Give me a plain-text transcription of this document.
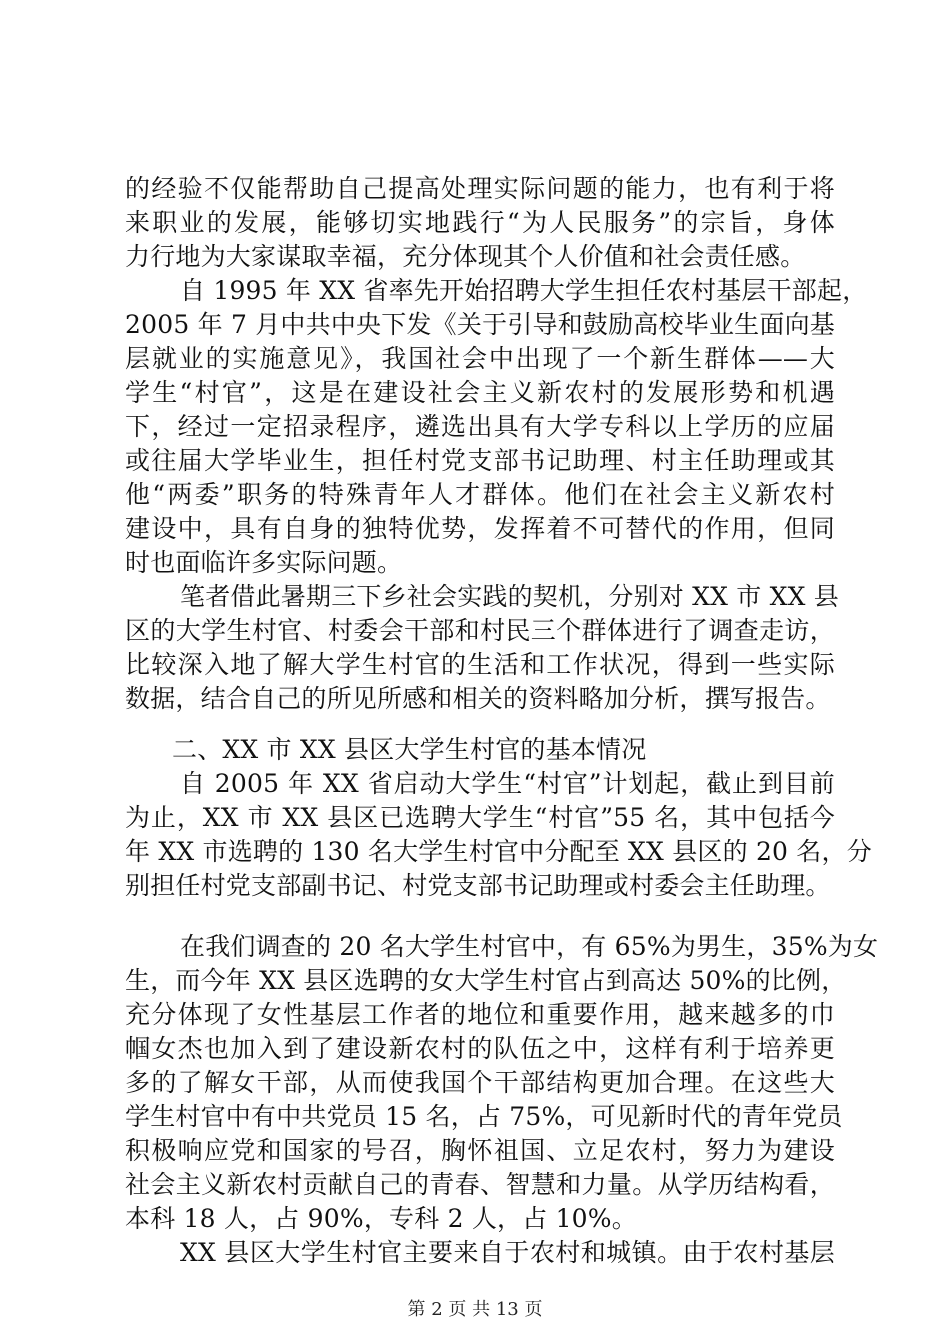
的经验不仅能帮助自己提高处理实际问题的能力，也有利于将
来职业的发展，能够切实地践行“为人民服务”的宗旨，身体
力行地为大家谋取幸福，充分体现其个人价值和社会责任感。
自 1995 年 XX 省率先开始招聘大学生担任农村基层干部起，
2005 年 7 月中共中央下发《关于引导和鼓励高校毕业生面向基
层就业的实施意见》，我国社会中出现了一个新生群体——大
学生“村官”，这是在建设社会主义新农村的发展形势和机遇
下，经过一定招录程序，遴选出具有大学专科以上学历的应届
或往届大学毕业生，担任村党支部书记助理、村主任助理或其
他“两委”职务的特殊青年人才群体。他们在社会主义新农村
建设中，具有自身的独特优势，发挥着不可替代的作用，但同
时也面临许多实际问题。
笔者借此暑期三下乡社会实践的契机，分别对 XX 市 XX 县
区的大学生村官、村委会干部和村民三个群体进行了调查走访，
比较深入地了解大学生村官的生活和工作状况，得到一些实际
数据，结合自己的所见所感和相关的资料略加分析，撰写报告。
二、XX 市 XX 县区大学生村官的基本情况
自 2005 年 XX 省启动大学生“村官”计划起，截止到目前
为止，XX 市 XX 县区已选聘大学生“村官”55 名，其中包括今
年 XX 市选聘的 130 名大学生村官中分配至 XX 县区的 20 名，分
别担任村党支部副书记、村党支部书记助理或村委会主任助理。
在我们调查的 20 名大学生村官中，有 65%为男生，35%为女
生，而今年 XX 县区选聘的女大学生村官占到高达 50%的比例，
充分体现了女性基层工作者的地位和重要作用，越来越多的巾
帼女杰也加入到了建设新农村的队伍之中，这样有利于培养更
多的了解女干部，从而使我国个干部结构更加合理。在这些大
学生村官中有中共党员 15 名，占 75%，可见新时代的青年党员
积极响应党和国家的号召，胸怀祖国、立足农村，努力为建设
社会主义新农村贡献自己的青春、智慧和力量。从学历结构看，
本科 18 人，占 90%，专科 2 人，占 10%。
XX 县区大学生村官主要来自于农村和城镇。由于农村基层
第 2 页 共 13 页
